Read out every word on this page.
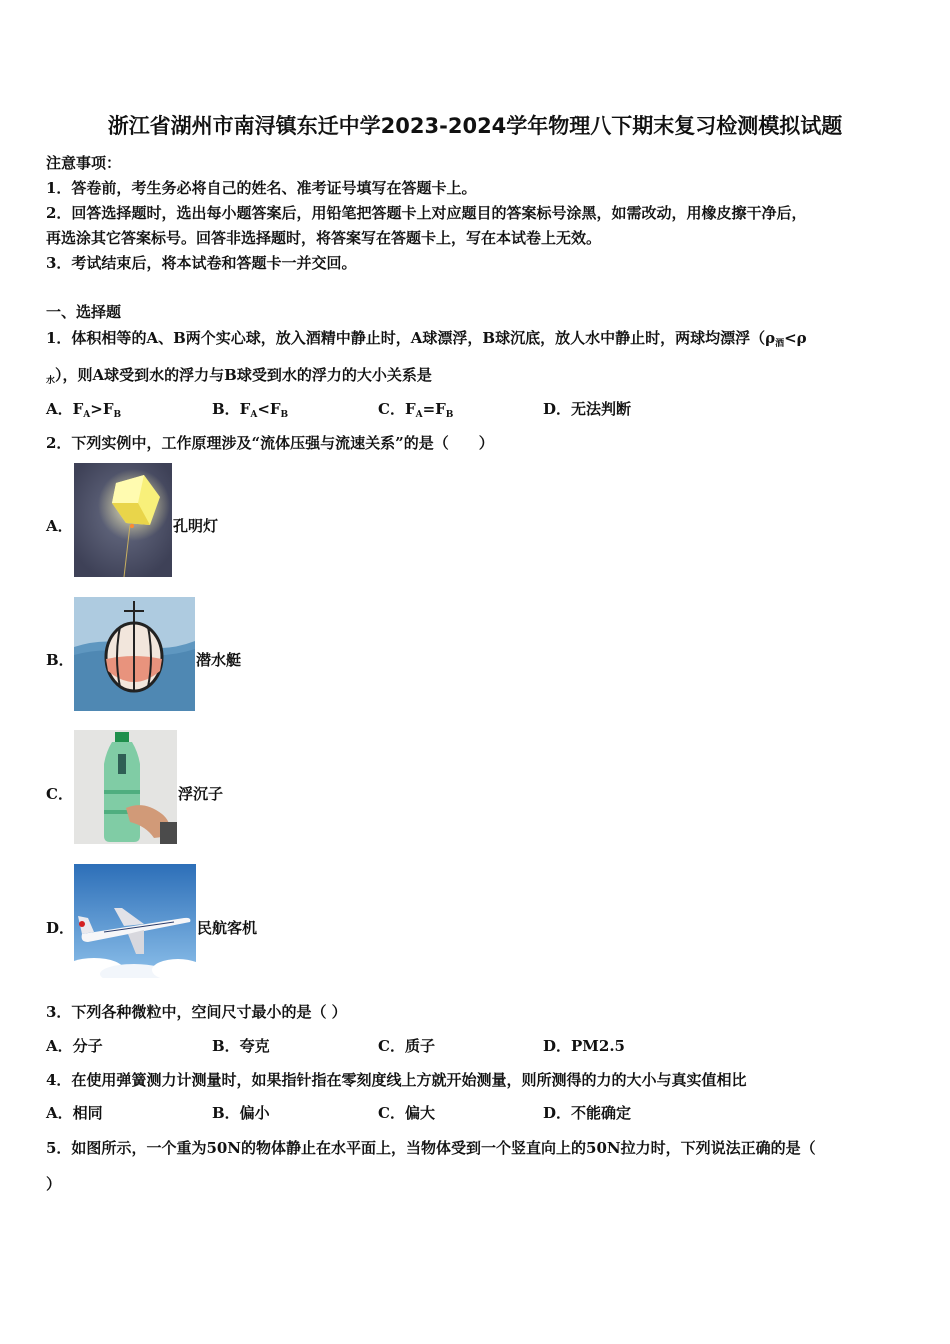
浙江省湖州市南浔镇东迁中学2023-2024学年物理八下期末复习检测模拟试题
注意事项：
1．答卷前，考生务必将自己的姓名、准考证号填写在答题卡上。
2．回答选择题时，选出每小题答案后，用铅笔把答题卡上对应题目的答案标号涂黑，如需改动，用橡皮擦干净后，
再选涂其它答案标号。回答非选择题时，将答案写在答题卡上，写在本试卷上无效。
3．考试结束后，将本试卷和答题卡一并交回。
一、选择题
1．体积相等的A、B两个实心球，放入酒精中静止时，A球漂浮，B球沉底，放人水中静止时，两球均漂浮（$\rho_酒<\rho$
$_水$），则A球受到水的浮力与B球受到水的浮力的大小关系是
A．$F_A>F_B$	B．$F_A<F_B$	C．$F_A=F_B$	D．无法判断
2．下列实例中，工作原理涉及“流体压强与流速关系”的是（　　）
A．	孔明灯
B．	潜水艇
C．	浮沉子
D．	民航客机
3．下列各种微粒中，空间尺寸最小的是（ ）
A．分子	B．夸克	C．质子	D．PM2.5
4．在使用弹簧测力计测量时，如果指针指在零刻度线上方就开始测量，则所测得的力的大小与真实值相比
A．相同	B．偏小	C．偏大	D．不能确定
5．如图所示，一个重为50N的物体静止在水平面上，当物体受到一个竖直向上的50N拉力时，下列说法正确的是（
）
